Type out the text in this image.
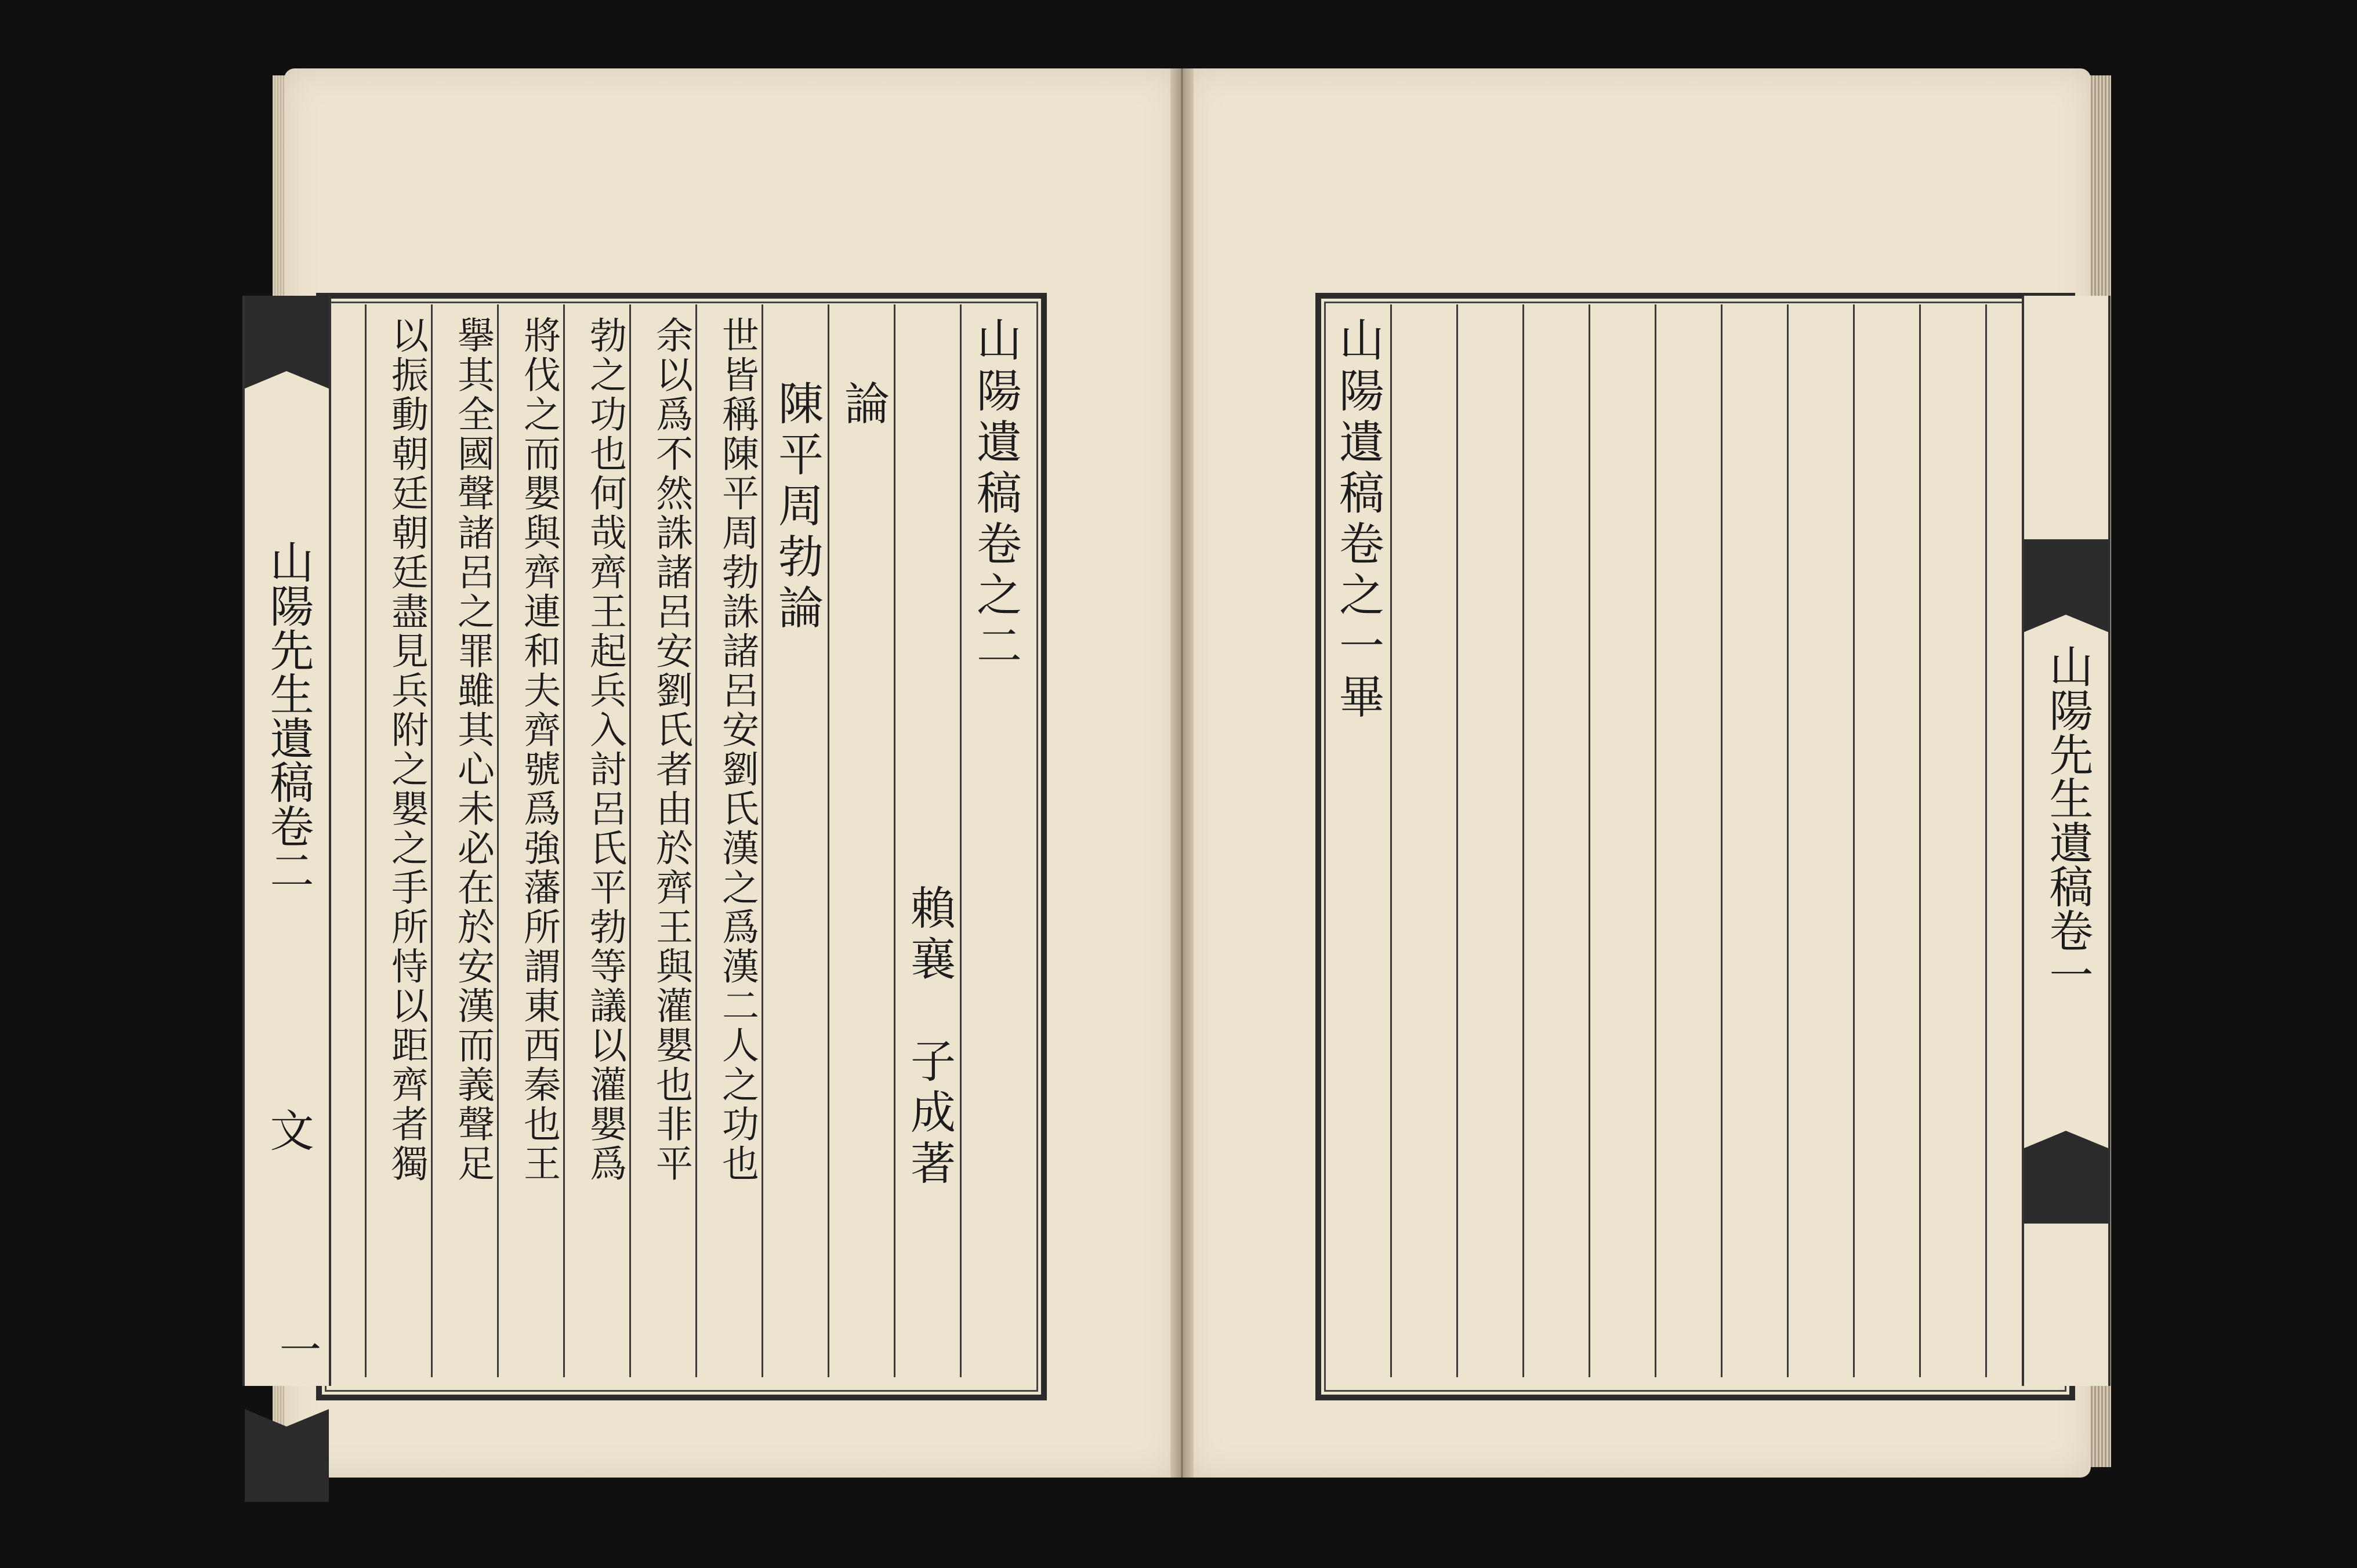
山陽遺稿卷之二
賴襄　子成著
論
陳平周勃論
世皆稱陳平周勃誅諸呂安劉氏漢之爲漢二人之功也
余以爲不然誅諸呂安劉氏者由於齊王與灌嬰也非平
勃之功也何哉齊王起兵入討呂氏平勃等議以灌嬰爲
將伐之而嬰與齊連和夫齊號爲強藩所謂東西秦也王
擧其全國聲諸呂之罪雖其心未必在於安漢而義聲足
以振動朝廷朝廷盡見兵附之嬰之手所恃以距齊者獨
山陽先生遺稿卷二
文
一
山陽遺稿卷之一畢
山陽先生遺稿卷一
